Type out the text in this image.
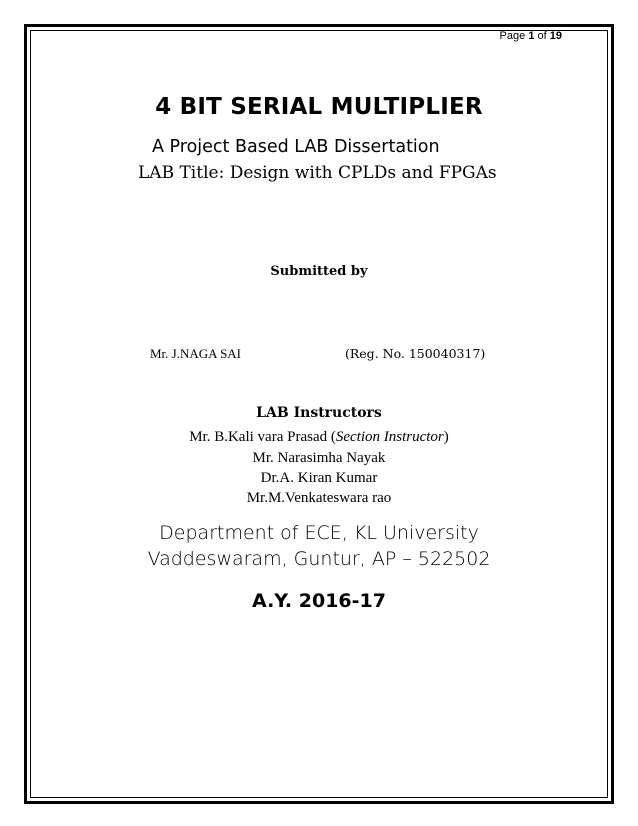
Page 1 of 19
4 BIT SERIAL MULTIPLIER
A Project Based LAB Dissertation
LAB Title: Design with CPLDs and FPGAs
Submitted by
Mr. J.NAGA SAI	(Reg. No. 150040317)
LAB Instructors
Mr. B.Kali vara Prasad (Section Instructor)
Mr. Narasimha Nayak
Dr.A. Kiran Kumar
Mr.M.Venkateswara rao
Department of ECE, KL University
Vaddeswaram, Guntur, AP – 522502
A.Y. 2016-17
